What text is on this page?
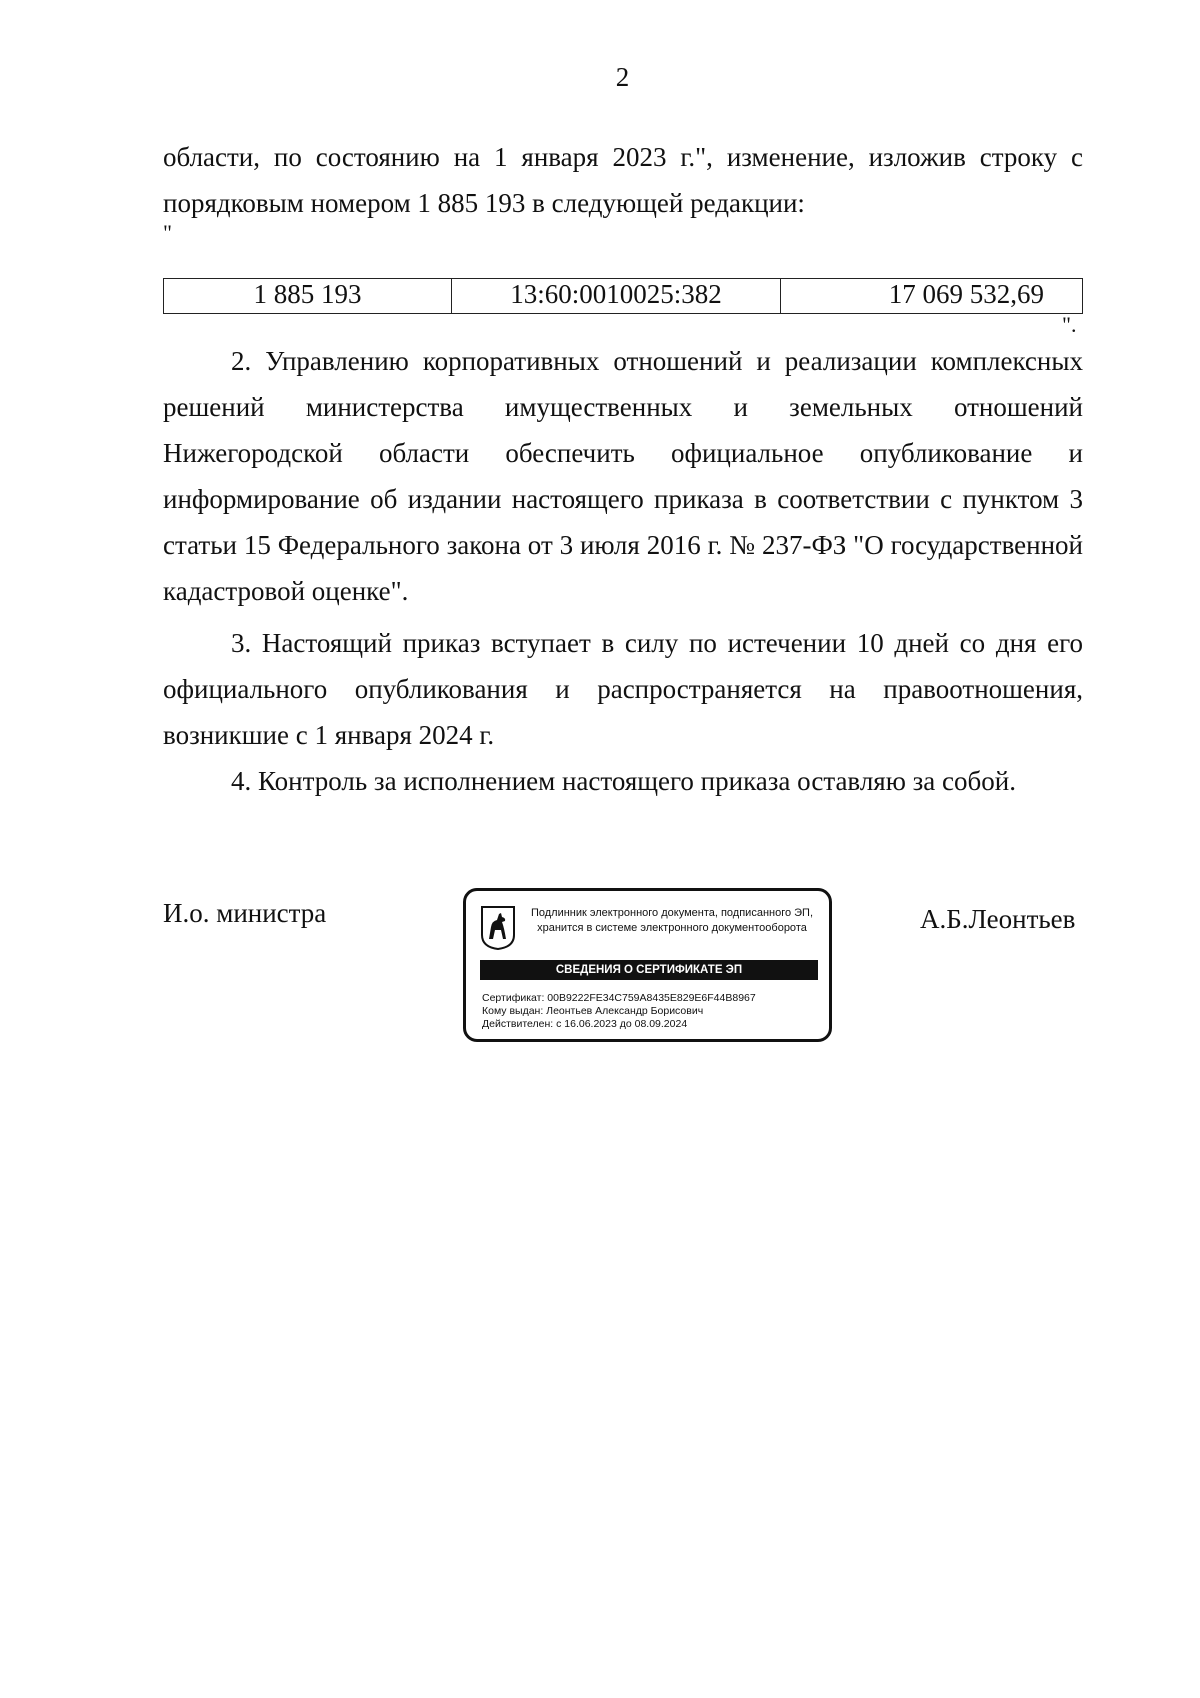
2

области, по состоянию на 1 января 2023 г.", изменение, изложив строку с порядковым номером 1 885 193 в следующей редакции:

"
1 885 193	13:60:0010025:382	17 069 532,69
".

2. Управлению корпоративных отношений и реализации комплексных решений министерства имущественных и земельных отношений Нижегородской области обеспечить официальное опубликование и информирование об издании настоящего приказа в соответствии с пунктом 3 статьи 15 Федерального закона от 3 июля 2016 г. № 237-ФЗ "О государственной кадастровой оценке".

3. Настоящий приказ вступает в силу по истечении 10 дней со дня его официального опубликования и распространяется на правоотношения, возникшие с 1 января 2024 г.

4. Контроль за исполнением настоящего приказа оставляю за собой.

И.о. министра	Подлинник электронного документа, подписанного ЭП,
хранится в системе электронного документооборота
СВЕДЕНИЯ О СЕРТИФИКАТЕ ЭП
Сертификат: 00B9222FE34C759A8435E829E6F44B8967
Кому выдан: Леонтьев Александр Борисович
Действителен: с 16.06.2023 до 08.09.2024
А.Б.Леонтьев
